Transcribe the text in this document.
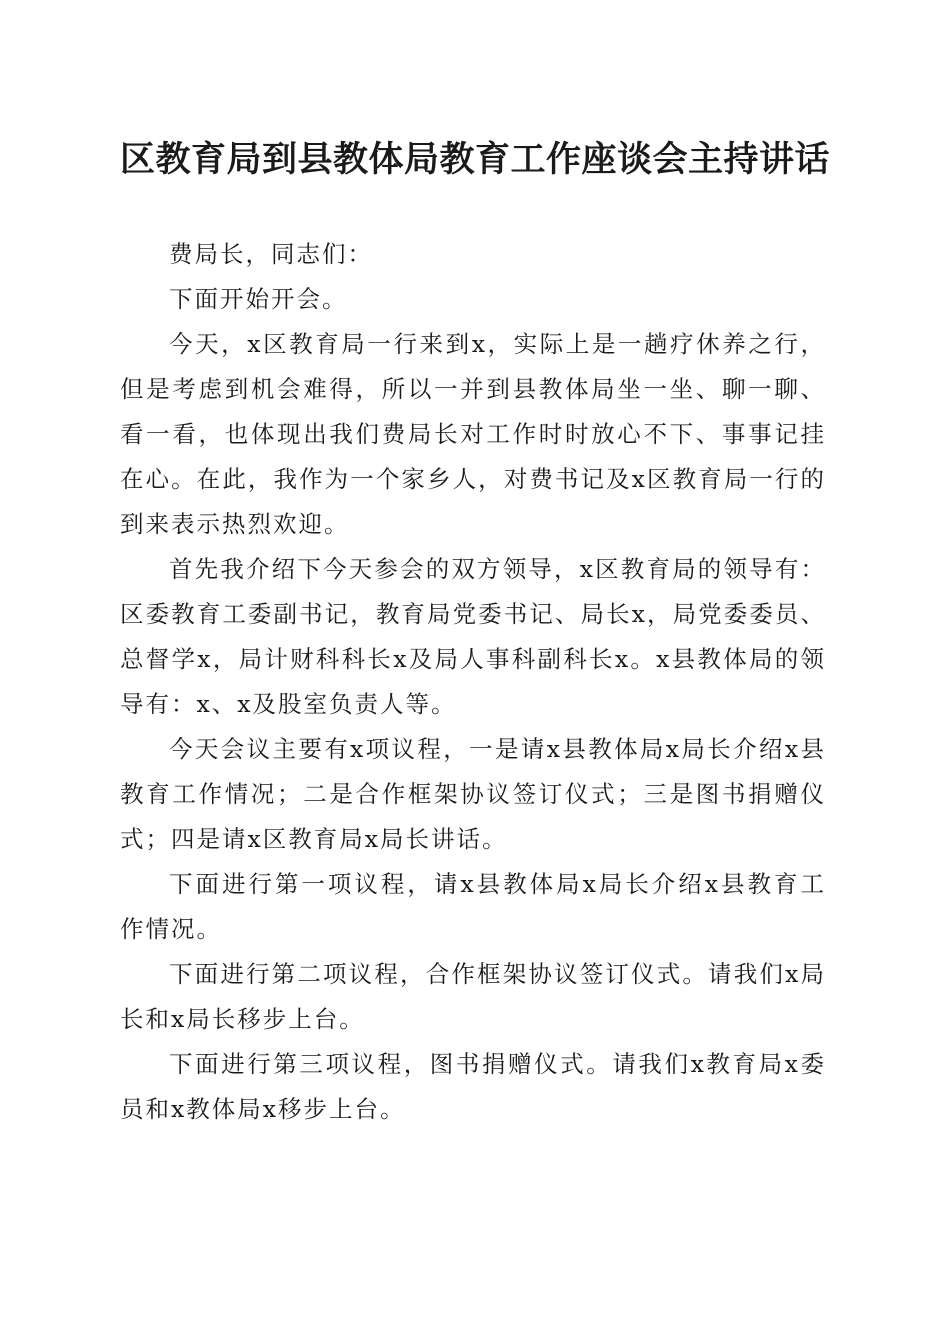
区教育局到县教体局教育工作座谈会主持讲话

费局长，同志们：

下面开始开会。

今天，x区教育局一行来到x，实际上是一趟疗休养之行，但是考虑到机会难得，所以一并到县教体局坐一坐、聊一聊、看一看，也体现出我们费局长对工作时时放心不下、事事记挂在心。在此，我作为一个家乡人，对费书记及x区教育局一行的到来表示热烈欢迎。

首先我介绍下今天参会的双方领导，x区教育局的领导有：区委教育工委副书记，教育局党委书记、局长x，局党委委员、总督学x，局计财科科长x及局人事科副科长x。x县教体局的领导有：x、x及股室负责人等。

今天会议主要有x项议程，一是请x县教体局x局长介绍x县教育工作情况；二是合作框架协议签订仪式；三是图书捐赠仪式；四是请x区教育局x局长讲话。

下面进行第一项议程，请x县教体局x局长介绍x县教育工作情况。

下面进行第二项议程，合作框架协议签订仪式。请我们x局长和x局长移步上台。

下面进行第三项议程，图书捐赠仪式。请我们x教育局x委员和x教体局x移步上台。
